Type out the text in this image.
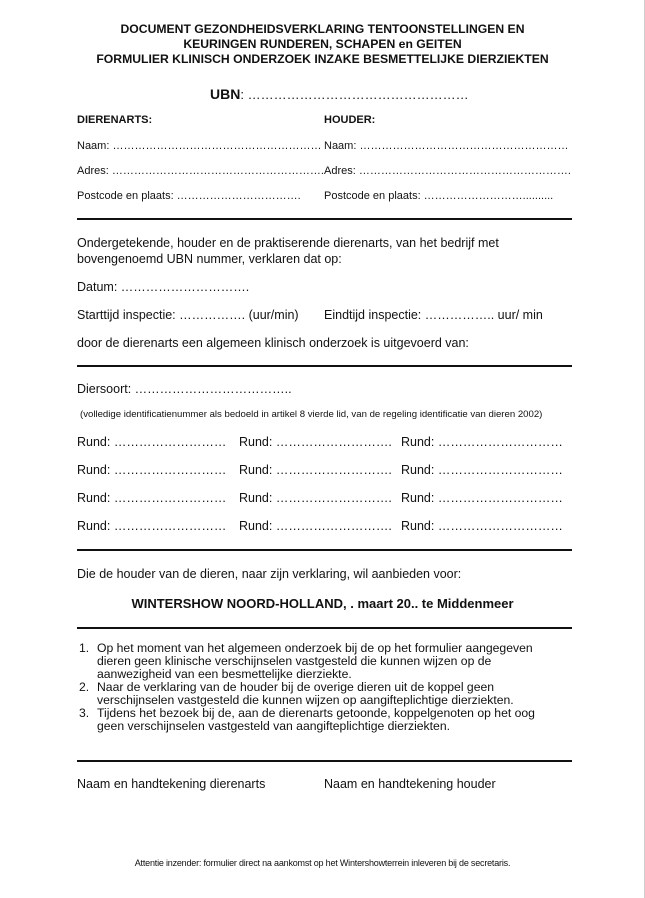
DOCUMENT GEZONDHEIDSVERKLARING TENTOONSTELLINGEN EN
KEURINGEN RUNDEREN, SCHAPEN en GEITEN
FORMULIER KLINISCH ONDERZOEK INZAKE BESMETTELIJKE DIERZIEKTEN
UBN: ……………………………………………
DIERENARTS:	HOUDER:
Naam: ………………………………………………… Naam: …………………………………………………
Adres: …………………………………………………. Adres: ………………………………………………….
Postcode en plaats: ……………………………. Postcode en plaats: ………………………..........
Ondergetekende, houder en de praktiserende dierenarts, van het bedrijf met
bovengenoemd UBN nummer, verklaren dat op:
Datum: ………………………….
Starttijd inspectie: ……………. (uur/min) Eindtijd inspectie: …………….. uur/ min
door de dierenarts een algemeen klinisch onderzoek is uitgevoerd van:
Diersoort: ………………………………..
(volledige identificatienummer als bedoeld in artikel 8 vierde lid, van de regeling identificatie van dieren 2002)
Rund: ……………………… Rund: ………………………. Rund: …………………………
Rund: ……………………… Rund: ………………………. Rund: …………………………
Rund: ……………………… Rund: ………………………. Rund: …………………………
Rund: ……………………… Rund: ………………………. Rund: …………………………
Die de houder van de dieren, naar zijn verklaring, wil aanbieden voor:
WINTERSHOW NOORD-HOLLAND, . maart 20.. te Middenmeer
1. Op het moment van het algemeen onderzoek bij de op het formulier aangegeven
dieren geen klinische verschijnselen vastgesteld die kunnen wijzen op de
aanwezigheid van een besmettelijke dierziekte.
2. Naar de verklaring van de houder bij de overige dieren uit de koppel geen
verschijnselen vastgesteld die kunnen wijzen op aangifteplichtige dierziekten.
3. Tijdens het bezoek bij de, aan de dierenarts getoonde, koppelgenoten op het oog
geen verschijnselen vastgesteld van aangifteplichtige dierziekten.
Naam en handtekening dierenarts	Naam en handtekening houder
Attentie inzender: formulier direct na aankomst op het Wintershowterrein inleveren bij de secretaris.
